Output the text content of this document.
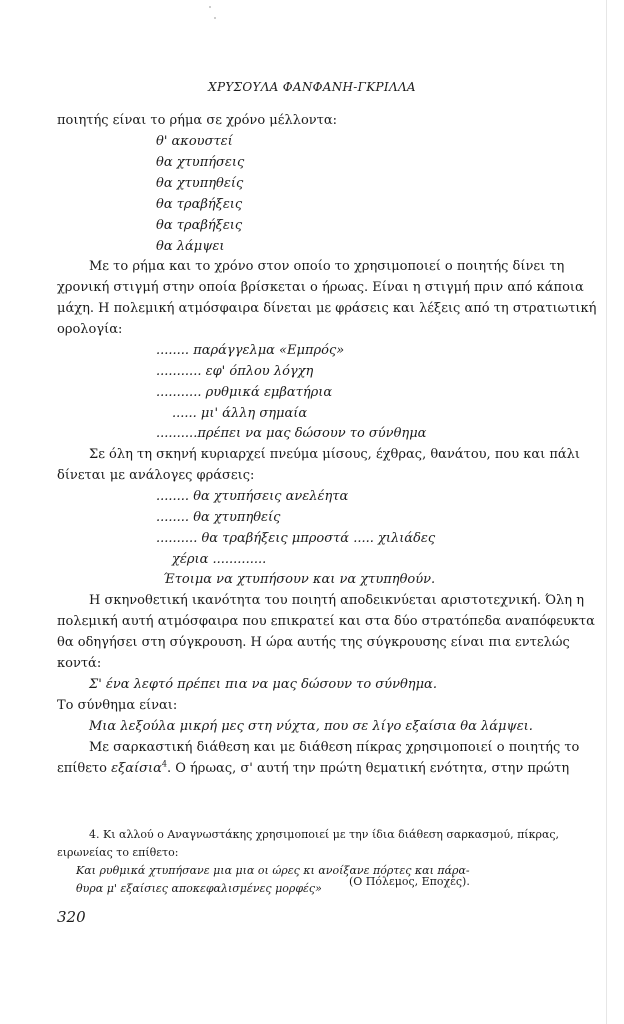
ΧΡΥΣΟΥΛΑ ΦΑΝΦΑΝΗ-ΓΚΡΙΛΛΑ
ποιητής είναι το ρήμα σε χρόνο μέλλοντα:
θ' ακουστεί
θα χτυπήσεις
θα χτυπηθείς
θα τραβήξεις
θα τραβήξεις
θα λάμψει
Με το ρήμα και το χρόνο στον οποίο το χρησιμοποιεί ο ποιητής δίνει τη
χρονική στιγμή στην οποία βρίσκεται ο ήρωας. Είναι η στιγμή πριν από κάποια
μάχη. Η πολεμική ατμόσφαιρα δίνεται με φράσεις και λέξεις από τη στρατιωτική
ορολογία:
........ παράγγελμα «Εμπρός»
........... εφ' όπλου λόγχη
........... ρυθμικά εμβατήρια
...... μι' άλλη σημαία
..........πρέπει να μας δώσουν το σύνθημα
Σε όλη τη σκηνή κυριαρχεί πνεύμα μίσους, έχθρας, θανάτου, που και πάλι
δίνεται με ανάλογες φράσεις:
........ θα χτυπήσεις ανελέητα
........ θα χτυπηθείς
.......... θα τραβήξεις μπροστά ..... χιλιάδες
χέρια .............
Έτοιμα να χτυπήσουν και να χτυπηθούν.
Η σκηνοθετική ικανότητα του ποιητή αποδεικνύεται αριστοτεχνική. Όλη η
πολεμική αυτή ατμόσφαιρα που επικρατεί και στα δύο στρατόπεδα αναπόφευκτα
θα οδηγήσει στη σύγκρουση. Η ώρα αυτής της σύγκρουσης είναι πια εντελώς
κοντά:
Σ' ένα λεφτό πρέπει πια να μας δώσουν το σύνθημα.
Το σύνθημα είναι:
Μια λεξούλα μικρή μες στη νύχτα, που σε λίγο εξαίσια θα λάμψει.
Με σαρκαστική διάθεση και με διάθεση πίκρας χρησιμοποιεί ο ποιητής το
επίθετο εξαίσια$^4$. Ο ήρωας, σ' αυτή την πρώτη θεματική ενότητα, στην πρώτη
4. Κι αλλού ο Αναγνωστάκης χρησιμοποιεί με την ίδια διάθεση σαρκασμού, πίκρας,
ειρωνείας το επίθετο:
Και ρυθμικά χτυπήσανε μια μια οι ώρες κι ανοίξανε πόρτες και πάρα-
θυρα μ' εξαίσιες αποκεφαλισμένες μορφές»
(Ο Πόλεμος, Εποχές).
320
